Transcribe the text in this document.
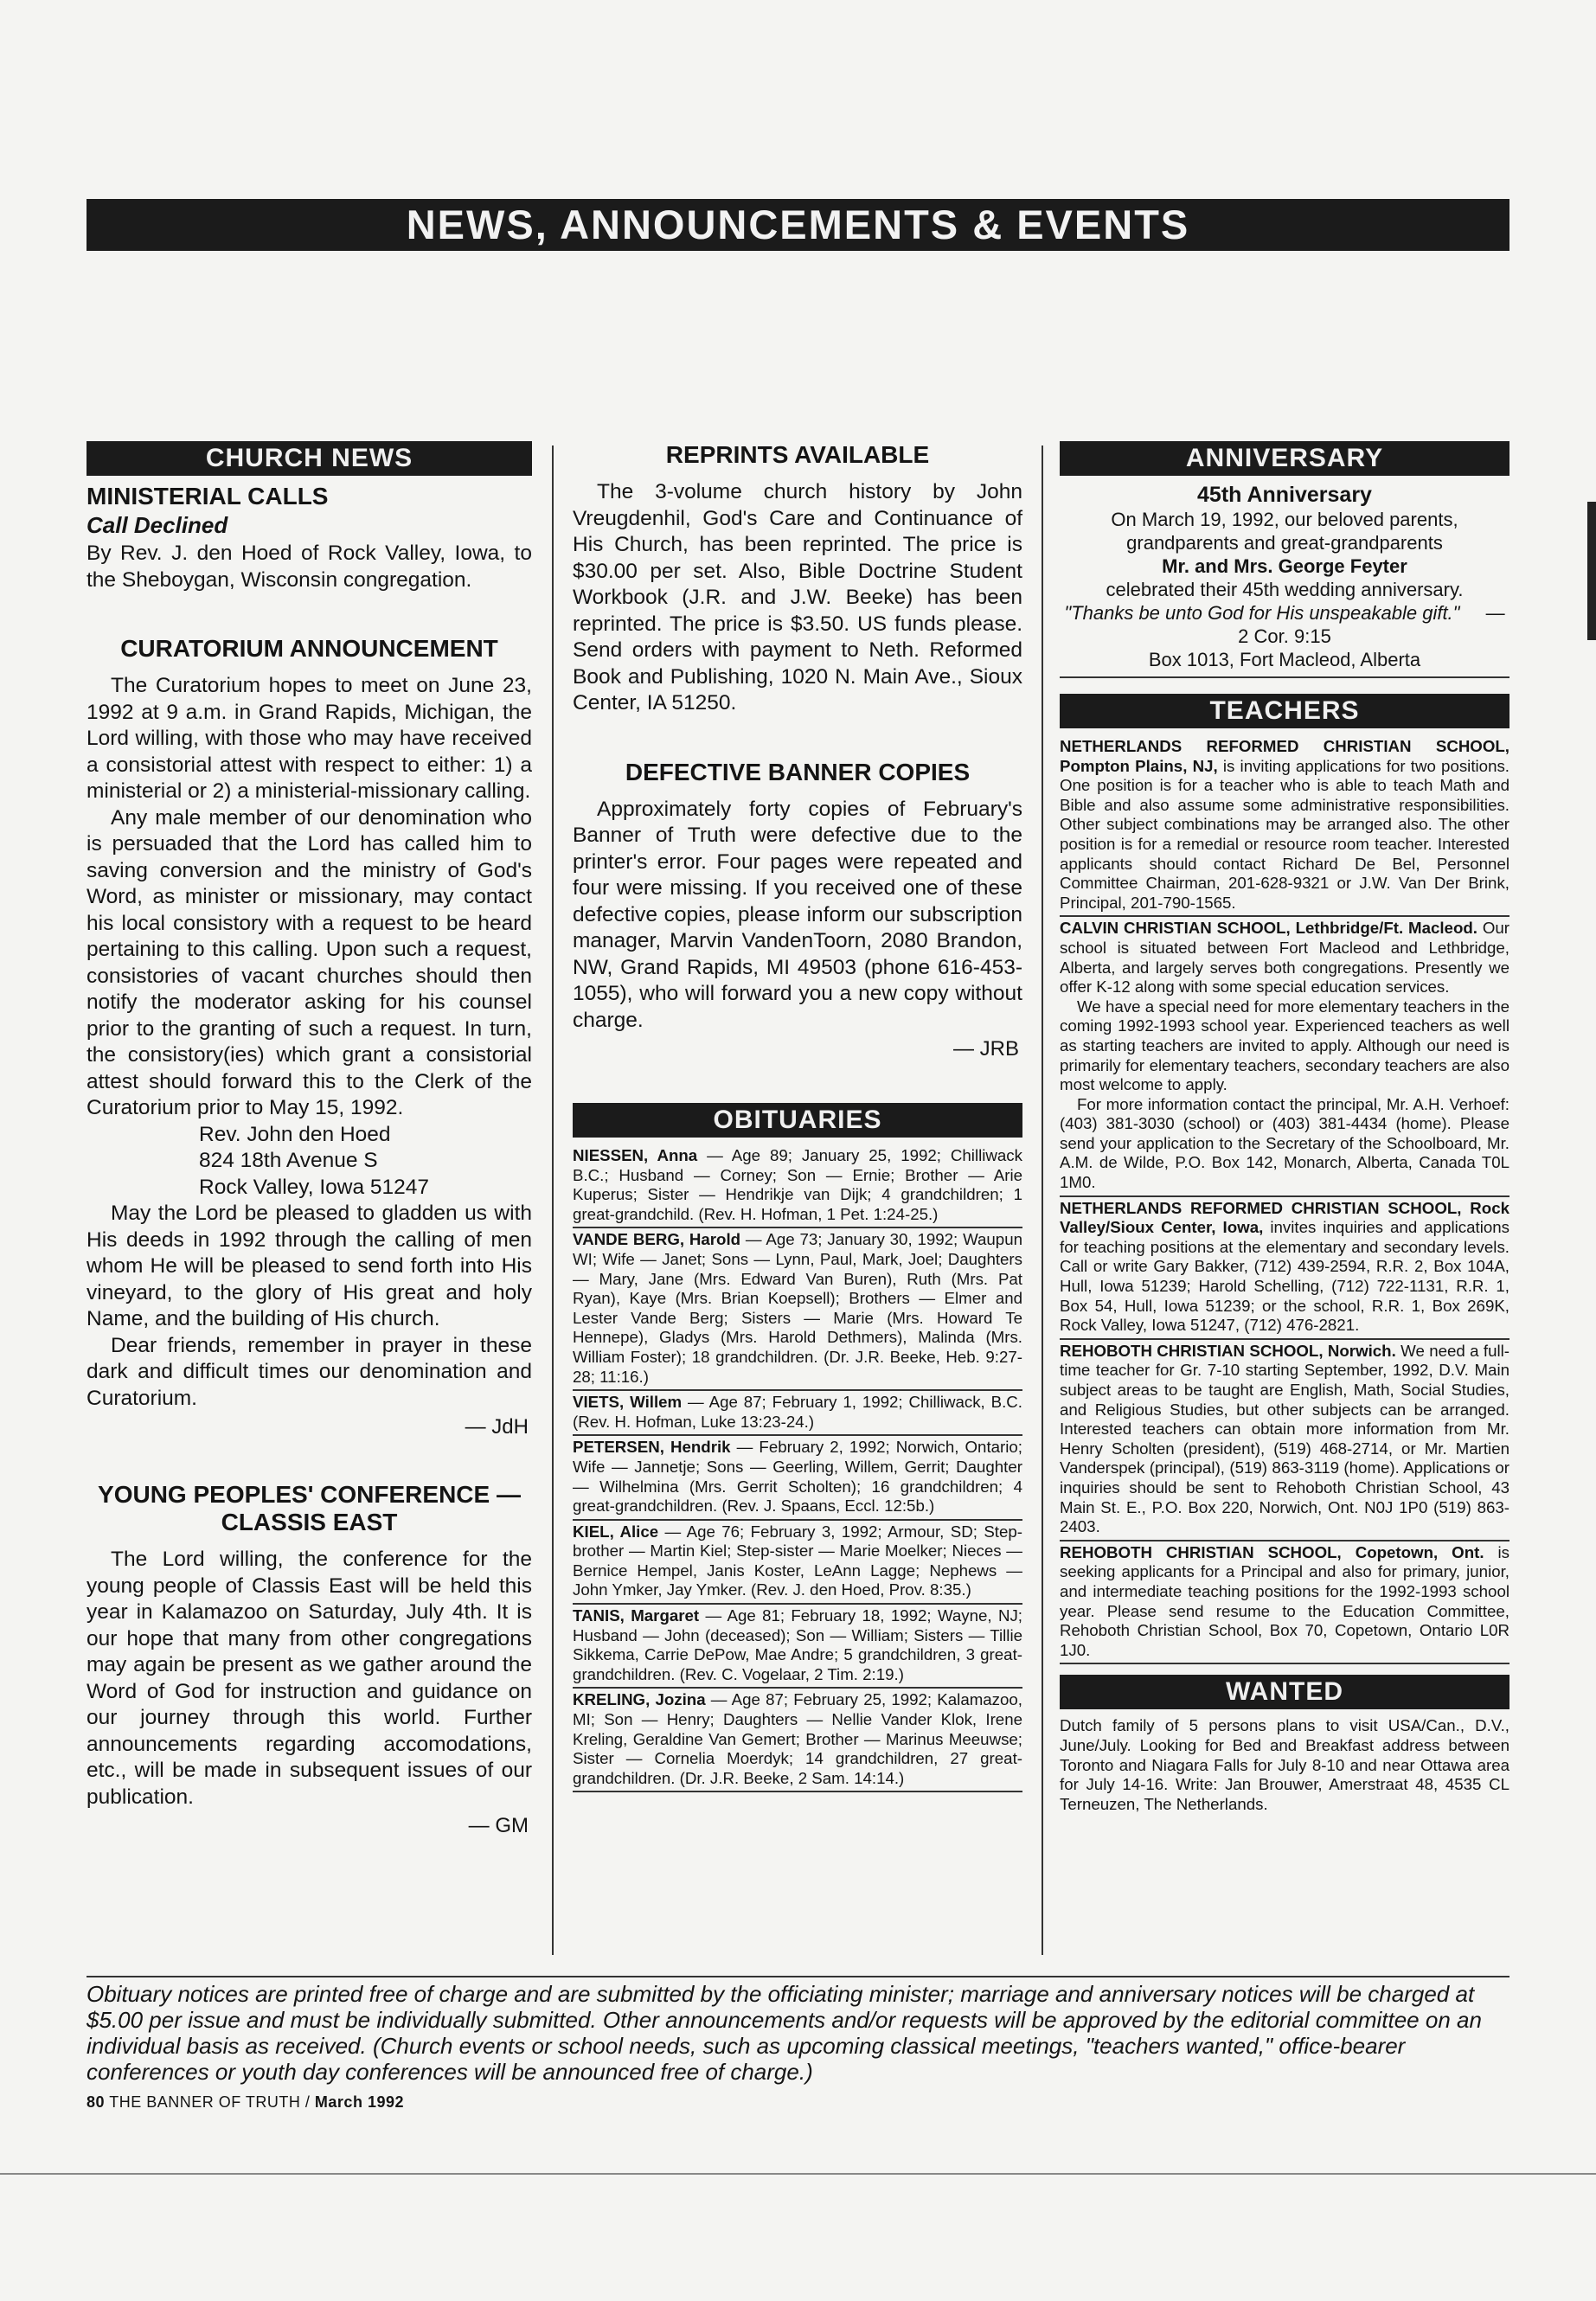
NEWS, ANNOUNCEMENTS & EVENTS
CHURCH NEWS
MINISTERIAL CALLS
Call Declined

By Rev. J. den Hoed of Rock Valley, Iowa, to the Sheboygan, Wisconsin congregation.

CURATORIUM ANNOUNCEMENT

The Curatorium hopes to meet on June 23, 1992 at 9 a.m. in Grand Rapids, Michigan, the Lord willing, with those who may have received a consistorial attest with respect to either: 1) a ministerial or 2) a ministerial-missionary calling.

Any male member of our denomination who is persuaded that the Lord has called him to saving conversion and the ministry of God's Word, as minister or missionary, may contact his local consistory with a request to be heard pertaining to this calling. Upon such a request, consistories of vacant churches should then notify the moderator asking for his counsel prior to the granting of such a request. In turn, the consistory(ies) which grant a consistorial attest should forward this to the Clerk of the Curatorium prior to May 15, 1992.

Rev. John den Hoed
824 18th Avenue S
Rock Valley, Iowa 51247

May the Lord be pleased to gladden us with His deeds in 1992 through the calling of men whom He will be pleased to send forth into His vineyard, to the glory of His great and holy Name, and the building of His church.

Dear friends, remember in prayer in these dark and difficult times our denomination and Curatorium.

— JdH
YOUNG PEOPLES' CONFERENCE — CLASSIS EAST

The Lord willing, the conference for the young people of Classis East will be held this year in Kalamazoo on Saturday, July 4th. It is our hope that many from other congregations may again be present as we gather around the Word of God for instruction and guidance on our journey through this world. Further announcements regarding accomodations, etc., will be made in subsequent issues of our publication.

— GM
REPRINTS AVAILABLE

The 3-volume church history by John Vreugdenhil, God's Care and Continuance of His Church, has been reprinted. The price is $30.00 per set. Also, Bible Doctrine Student Workbook (J.R. and J.W. Beeke) has been reprinted. The price is $3.50. US funds please. Send orders with payment to Neth. Reformed Book and Publishing, 1020 N. Main Ave., Sioux Center, IA 51250.

DEFECTIVE BANNER COPIES

Approximately forty copies of February's Banner of Truth were defective due to the printer's error. Four pages were repeated and four were missing. If you received one of these defective copies, please inform our subscription manager, Marvin VandenToorn, 2080 Brandon, NW, Grand Rapids, MI 49503 (phone 616-453-1055), who will forward you a new copy without charge.

— JRB
OBITUARIES
NIESSEN, Anna — Age 89; January 25, 1992; Chilliwack B.C.; Husband — Corney; Son — Ernie; Brother — Arie Kuperus; Sister — Hendrikje van Dijk; 4 grandchildren; 1 great-grandchild. (Rev. H. Hofman, 1 Pet. 1:24-25.)
VANDE BERG, Harold — Age 73; January 30, 1992; Waupun WI; Wife — Janet; Sons — Lynn, Paul, Mark, Joel; Daughters — Mary, Jane (Mrs. Edward Van Buren), Ruth (Mrs. Pat Ryan), Kaye (Mrs. Brian Koepsell); Brothers — Elmer and Lester Vande Berg; Sisters — Marie (Mrs. Howard Te Hennepe), Gladys (Mrs. Harold Dethmers), Malinda (Mrs. William Foster); 18 grandchildren. (Dr. J.R. Beeke, Heb. 9:27-28; 11:16.)
VIETS, Willem — Age 87; February 1, 1992; Chilliwack, B.C. (Rev. H. Hofman, Luke 13:23-24.)
PETERSEN, Hendrik — February 2, 1992; Norwich, Ontario; Wife — Jannetje; Sons — Geerling, Willem, Gerrit; Daughter — Wilhelmina (Mrs. Gerrit Scholten); 16 grandchildren; 4 great-grandchildren. (Rev. J. Spaans, Eccl. 12:5b.)
KIEL, Alice — Age 76; February 3, 1992; Armour, SD; Step-brother — Martin Kiel; Step-sister — Marie Moelker; Nieces — Bernice Hempel, Janis Koster, LeAnn Lagge; Nephews — John Ymker, Jay Ymker. (Rev. J. den Hoed, Prov. 8:35.)
TANIS, Margaret — Age 81; February 18, 1992; Wayne, NJ; Husband — John (deceased); Son — William; Sisters — Tillie Sikkema, Carrie DePow, Mae Andre; 5 grandchildren, 3 great-grandchildren. (Rev. C. Vogelaar, 2 Tim. 2:19.)
KRELING, Jozina — Age 87; February 25, 1992; Kalamazoo, MI; Son — Henry; Daughters — Nellie Vander Klok, Irene Kreling, Geraldine Van Gemert; Brother — Marinus Meeuwse; Sister — Cornelia Moerdyk; 14 grandchildren, 27 great-grandchildren. (Dr. J.R. Beeke, 2 Sam. 14:14.)
ANNIVERSARY
45th Anniversary
On March 19, 1992, our beloved parents,
grandparents and great-grandparents
Mr. and Mrs. George Feyter
celebrated their 45th wedding anniversary.
"Thanks be unto God for His unspeakable gift." —2 Cor. 9:15
Box 1013, Fort Macleod, Alberta
TEACHERS
NETHERLANDS REFORMED CHRISTIAN SCHOOL, Pompton Plains, NJ, is inviting applications for two positions. One position is for a teacher who is able to teach Math and Bible and also assume some administrative responsibilities. Other subject combinations may be arranged also. The other position is for a remedial or resource room teacher. Interested applicants should contact Richard De Bel, Personnel Committee Chairman, 201-628-9321 or J.W. Van Der Brink, Principal, 201-790-1565.
CALVIN CHRISTIAN SCHOOL, Lethbridge/Ft. Macleod. Our school is situated between Fort Macleod and Lethbridge, Alberta, and largely serves both congregations. Presently we offer K-12 along with some special education services.
We have a special need for more elementary teachers in the coming 1992-1993 school year. Experienced teachers as well as starting teachers are invited to apply. Although our need is primarily for elementary teachers, secondary teachers are also most welcome to apply.
For more information contact the principal, Mr. A.H. Verhoef: (403) 381-3030 (school) or (403) 381-4434 (home). Please send your application to the Secretary of the Schoolboard, Mr. A.M. de Wilde, P.O. Box 142, Monarch, Alberta, Canada T0L 1M0.
NETHERLANDS REFORMED CHRISTIAN SCHOOL, Rock Valley/Sioux Center, Iowa, invites inquiries and applications for teaching positions at the elementary and secondary levels. Call or write Gary Bakker, (712) 439-2594, R.R. 2, Box 104A, Hull, Iowa 51239; Harold Schelling, (712) 722-1131, R.R. 1, Box 54, Hull, Iowa 51239; or the school, R.R. 1, Box 269K, Rock Valley, Iowa 51247, (712) 476-2821.
REHOBOTH CHRISTIAN SCHOOL, Norwich. We need a full-time teacher for Gr. 7-10 starting September, 1992, D.V. Main subject areas to be taught are English, Math, Social Studies, and Religious Studies, but other subjects can be arranged. Interested teachers can obtain more information from Mr. Henry Scholten (president), (519) 468-2714, or Mr. Martien Vanderspek (principal), (519) 863-3119 (home). Applications or inquiries should be sent to Rehoboth Christian School, 43 Main St. E., P.O. Box 220, Norwich, Ont. N0J 1P0 (519) 863-2403.
REHOBOTH CHRISTIAN SCHOOL, Copetown, Ont. is seeking applicants for a Principal and also for primary, junior, and intermediate teaching positions for the 1992-1993 school year. Please send resume to the Education Committee, Rehoboth Christian School, Box 70, Copetown, Ontario L0R 1J0.
WANTED

Dutch family of 5 persons plans to visit USA/Can., D.V., June/July. Looking for Bed and Breakfast address between Toronto and Niagara Falls for July 8-10 and near Ottawa area for July 14-16. Write: Jan Brouwer, Amerstraat 48, 4535 CL Terneuzen, The Netherlands.

Obituary notices are printed free of charge and are submitted by the officiating minister; marriage and anniversary notices will be charged at $5.00 per issue and must be individually submitted. Other announcements and/or requests will be approved by the editorial committee on an individual basis as received. (Church events or school needs, such as upcoming classical meetings, "teachers wanted," office-bearer conferences or youth day conferences will be announced free of charge.)

80 THE BANNER OF TRUTH / March 1992
